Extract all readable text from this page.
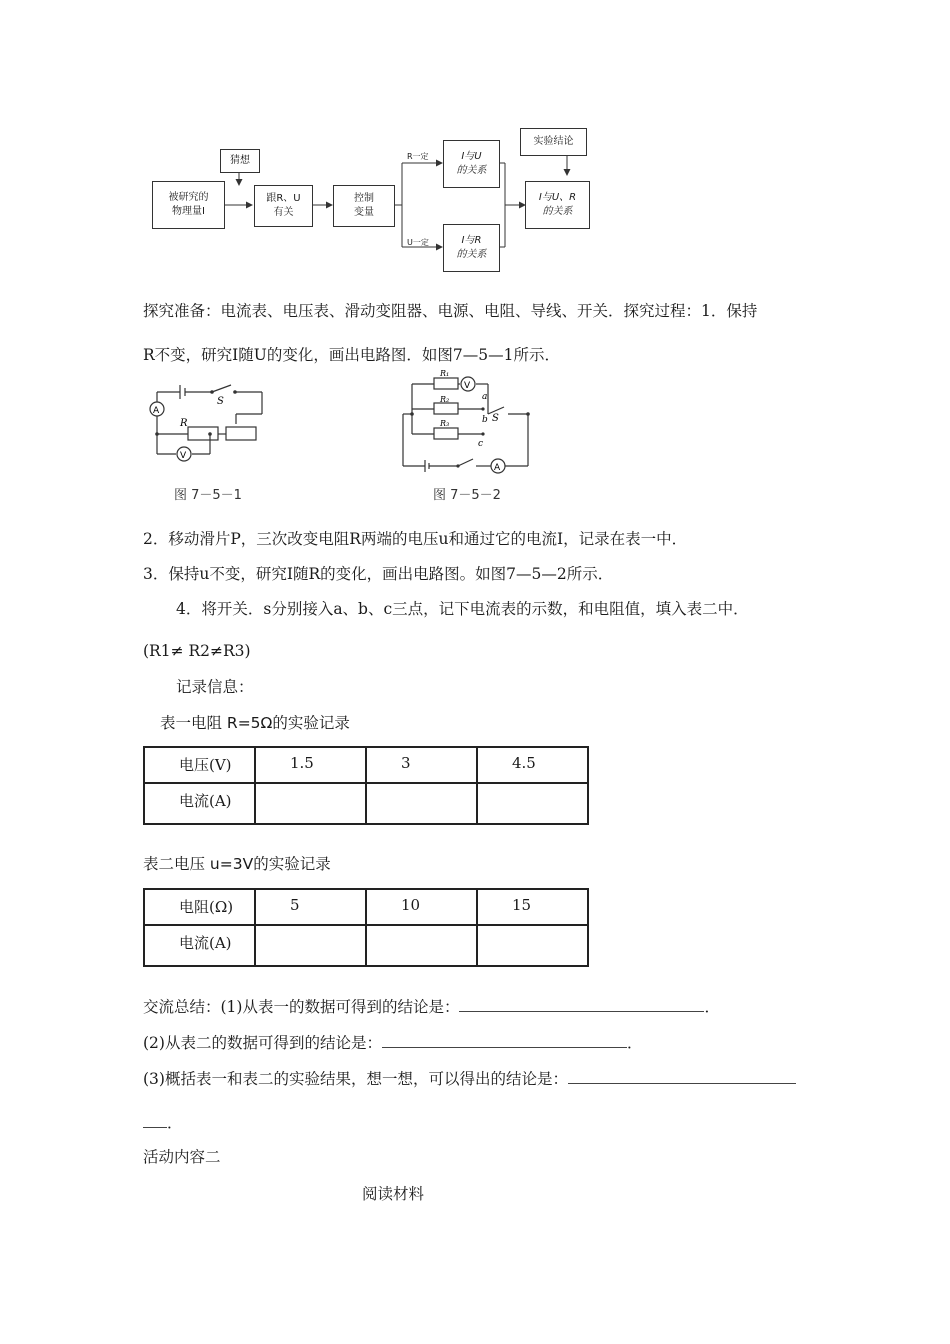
被研究的
物理量I
猜想
跟R、U
有关
控制
变量
R一定
U一定
I与U
的关系
I与R
的关系
实验结论
I与U、R
的关系
探究准备：电流表、电压表、滑动变阻器、电源、电阻、导线、开关．探究过程：1．保持
R不变，研究I随U的变化，画出电路图．如图7—5—1所示．
A
V
S
R
图 7－5－1
V
A
R₁
R₂
R₃
a
b
c
S
图 7－5－2
2．移动滑片P，三次改变电阻R两端的电压u和通过它的电流I，记录在表一中．
3．保持u不变，研究I随R的变化，画出电路图。如图7—5—2所示．
4．将开关．s分别接入a、b、c三点，记下电流表的示数，和电阻值，填入表二中．
(R1≠ R2≠R3)
记录信息：
表一电阻 R=5Ω的实验记录
电压(V)	1.5	3	4.5
电流(A)			
表二电压 u=3V的实验记录
电阻(Ω)	5	10	15
电流(A)			
交流总结：(1)从表一的数据可得到的结论是：	．
(2)从表二的数据可得到的结论是：	．
(3)概括表一和表二的实验结果，想一想，可以得出的结论是：
．
活动内容二
阅读材料
